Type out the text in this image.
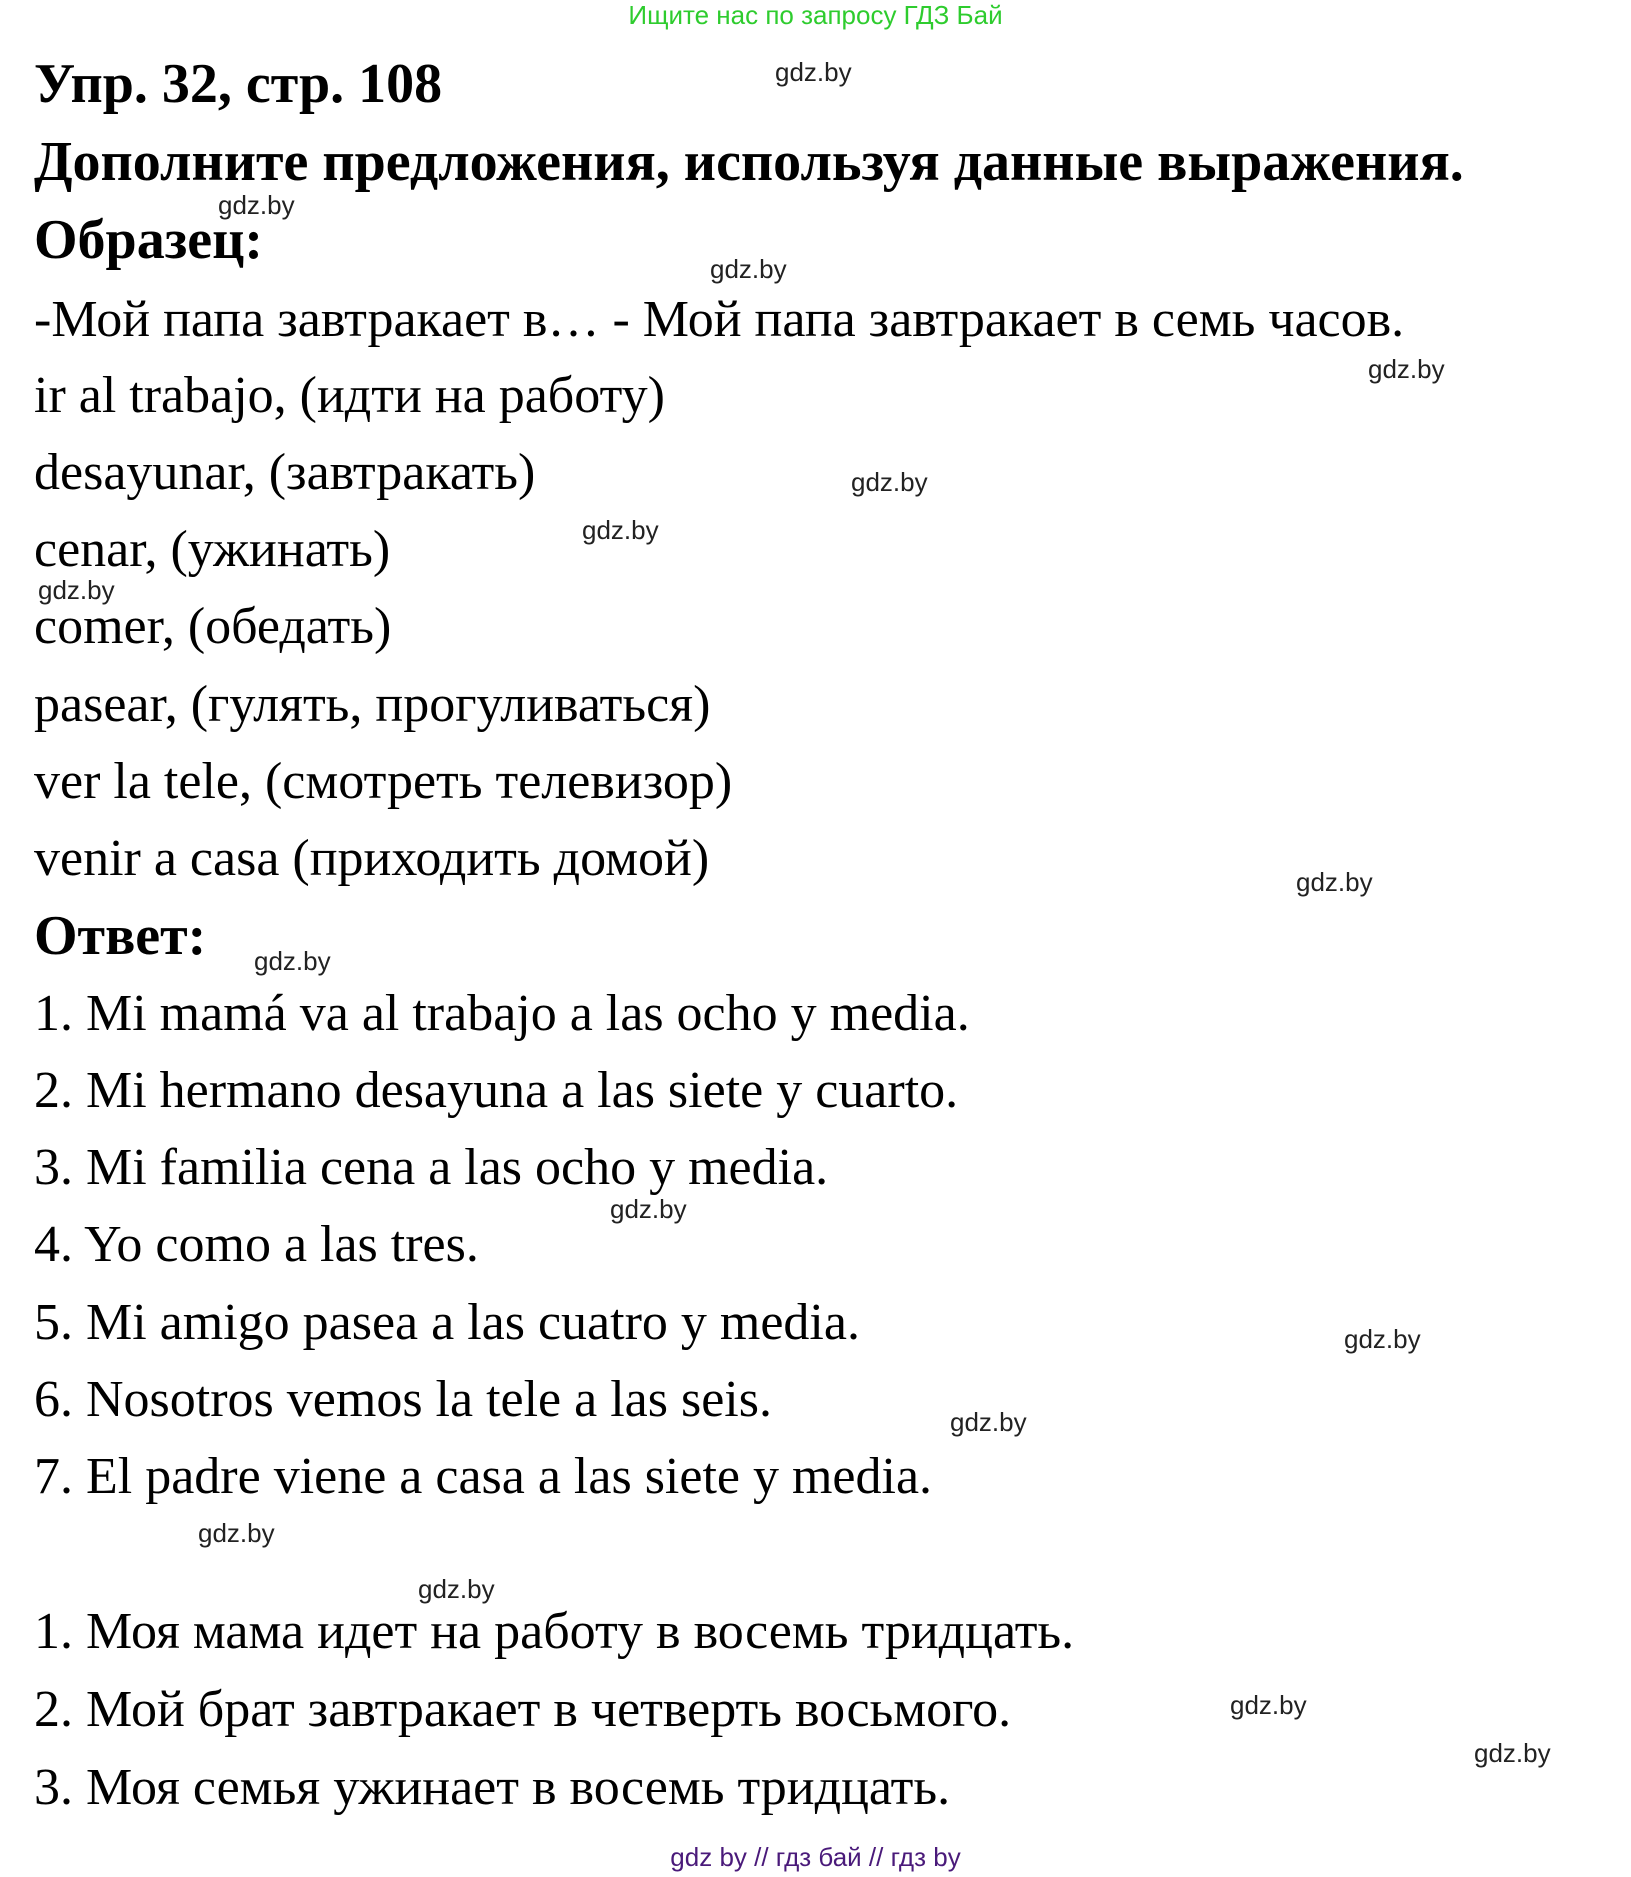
Ищите нас по запросу ГДЗ Бай
Упр. 32, стр. 108
Дополните предложения, используя данные выражения.
Образец:
-Мой папа завтракает в… - Мой папа завтракает в семь часов.
ir al trabajo, (идти на работу)
desayunar, (завтракать)
cenar, (ужинать)
comer, (обедать)
pasear, (гулять, прогуливаться)
ver la tele, (смотреть телевизор)
venir a casa (приходить домой)
Ответ:
1. Mi mamá va al trabajo a las ocho y media.
2. Mi hermano desayuna a las siete y cuarto.
3. Mi familia cena a las ocho y media.
4. Yo como a las tres.
5. Mi amigo pasea a las cuatro y media.
6. Nosotros vemos la tele a las seis.
7. El padre viene a casa a las siete y media.
1. Моя мама идет на работу в восемь тридцать.
2. Мой брат завтракает в четверть восьмого.
3. Моя семья ужинает в восемь тридцать.
gdz.by
gdz.by
gdz.by
gdz.by
gdz.by
gdz.by
gdz.by
gdz.by
gdz.by
gdz.by
gdz.by
gdz.by
gdz.by
gdz.by
gdz.by
gdz.by
gdz by // гдз бай // гдз by
